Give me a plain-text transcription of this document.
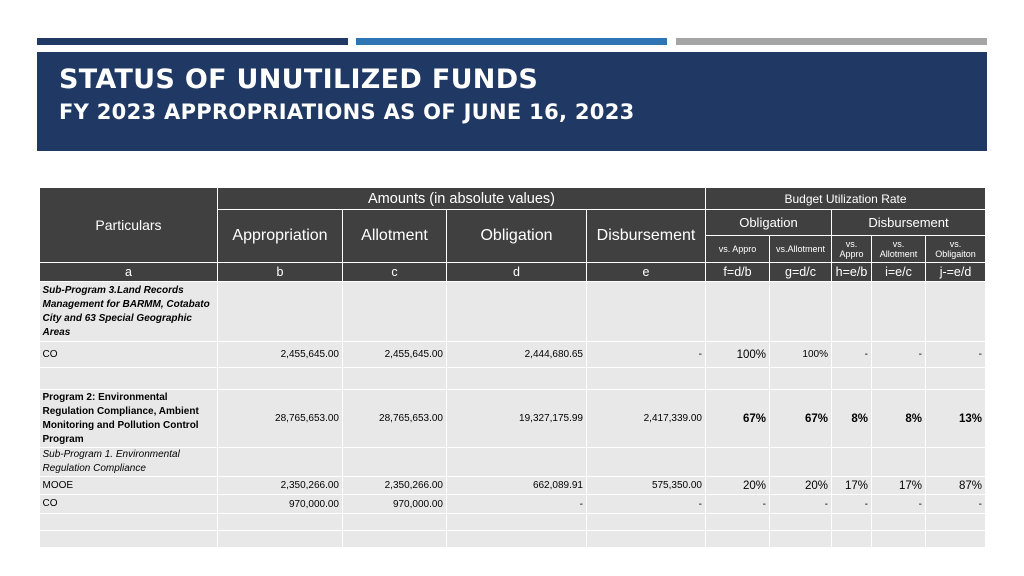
STATUS OF UNUTILIZED FUNDS
FY 2023 APPROPRIATIONS AS OF JUNE 16, 2023
Particulars	Amounts (in absolute values)				Budget Utilization Rate				
	Appropriation	Allotment	Obligation	Disbursement	Obligation		Disbursement		
					vs. Appro	vs.Allotment	vs. Appro	vs. Allotment	vs. Obligaiton
a	b	c	d	e	f=d/b	g=d/c	h=e/b	i=e/c	j-=e/d
Sub-Program 3.Land Records Management for BARMM, Cotabato City and 63 Special Geographic Areas									
CO	2,455,645.00	2,455,645.00	2,444,680.65	-	100%	100%	-	-	-

Program 2: Environmental Regulation Compliance, Ambient Monitoring and Pollution Control Program	28,765,653.00	28,765,653.00	19,327,175.99	2,417,339.00	67%	67%	8%	8%	13%
Sub-Program 1. Environmental Regulation Compliance									
MOOE	2,350,266.00	2,350,266.00	662,089.91	575,350.00	20%	20%	17%	17%	87%
CO	970,000.00	970,000.00	-	-	-	-	-	-	-
